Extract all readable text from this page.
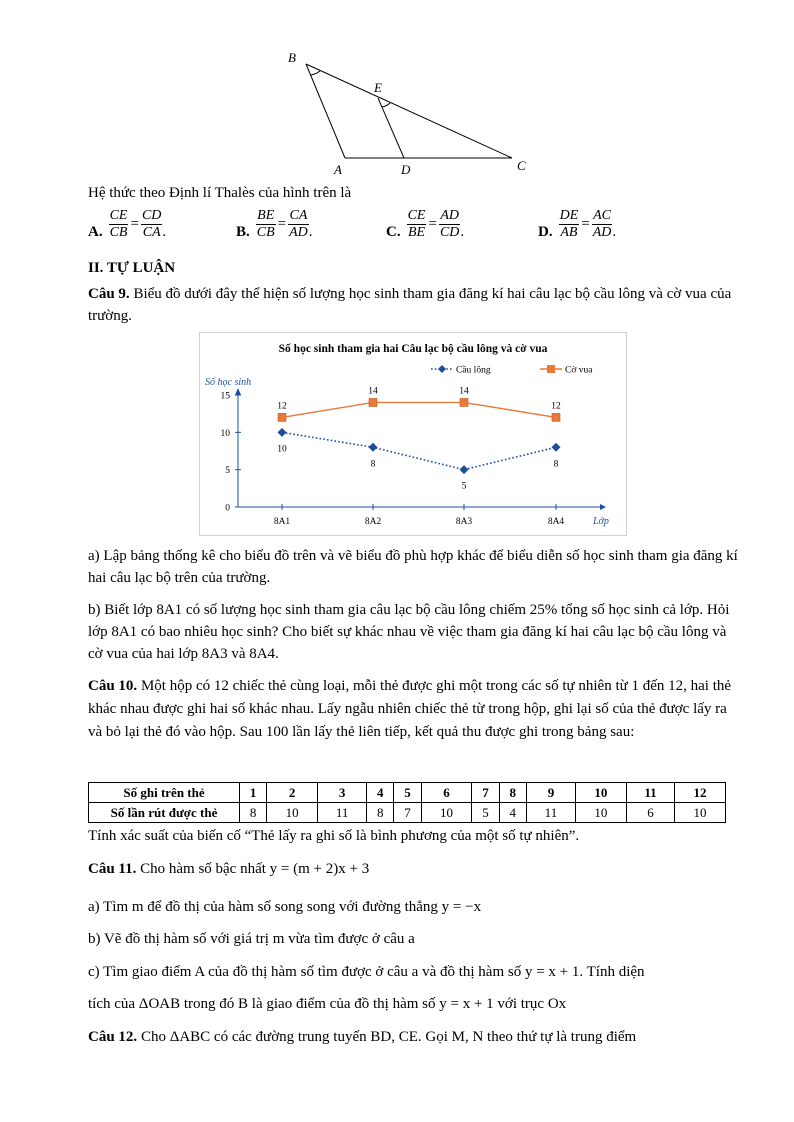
B
E
A	D	C
Hệ thức theo Định lí Thalès của hình trên là
A. $\frac{CE}{CB} = \frac{CD}{CA}$ .	B. $\frac{BE}{CB} = \frac{CA}{AD}$ .	C. $\frac{CE}{BE} = \frac{AD}{CD}$ .	D. $\frac{DE}{AB} = \frac{AC}{AD}$ .
II. TỰ LUẬN
Câu 9. Biểu đồ dưới đây thể hiện số lượng học sinh tham gia đăng kí hai câu lạc bộ cầu lông và cờ vua của trường.
Số học sinh tham gia hai Câu lạc bộ cầu lông và cờ vua
Cầu lông	Cờ vua
Số học sinh
Lớp
0
5
10
15
8A1	8A2	8A3	8A4
10
8
5
8
12
14	14
12
a) Lập bảng thống kê cho biểu đồ trên và vẽ biểu đồ phù hợp khác để biểu diễn số học sinh tham gia đăng kí hai câu lạc bộ trên của trường.
b) Biết lớp 8A1 có số lượng học sinh tham gia câu lạc bộ cầu lông chiếm 25% tổng số học sinh cả lớp. Hỏi lớp 8A1 có bao nhiêu học sinh? Cho biết sự khác nhau về việc tham gia đăng kí hai câu lạc bộ cầu lông và cờ vua của hai lớp 8A3 và 8A4.
Câu 10. Một hộp có 12 chiếc thẻ cùng loại, mỗi thẻ được ghi một trong các số tự nhiên từ 1 đến 12, hai thẻ khác nhau được ghi hai số khác nhau. Lấy ngẫu nhiên chiếc thẻ từ trong hộp, ghi lại số của thẻ được lấy ra và bỏ lại thẻ đó vào hộp. Sau 100 lần lấy thẻ liên tiếp, kết quả thu được ghi trong bảng sau:
Số ghi trên thẻ	1	2	3	4	5	6	7	8	9	10	11	12
Số lần rút được thẻ	8	10	11	8	7	10	5	4	11	10	6	10
Tính xác suất của biến cố “Thẻ lấy ra ghi số là bình phương của một số tự nhiên”.
Câu 11. Cho hàm số bậc nhất y = (m + 2)x + 3
a) Tìm m để đồ thị của hàm số song song với đường thẳng y = −x
b) Vẽ đồ thị hàm số với giá trị m vừa tìm được ở câu a
c) Tìm giao điểm A của đồ thị hàm số tìm được ở câu a và đồ thị hàm số y = x + 1. Tính diện
tích của ΔOAB trong đó B là giao điểm của đồ thị hàm số y = x + 1 với trục Ox
Câu 12. Cho ΔABC có các đường trung tuyến BD, CE. Gọi M, N theo thứ tự là trung điểm
